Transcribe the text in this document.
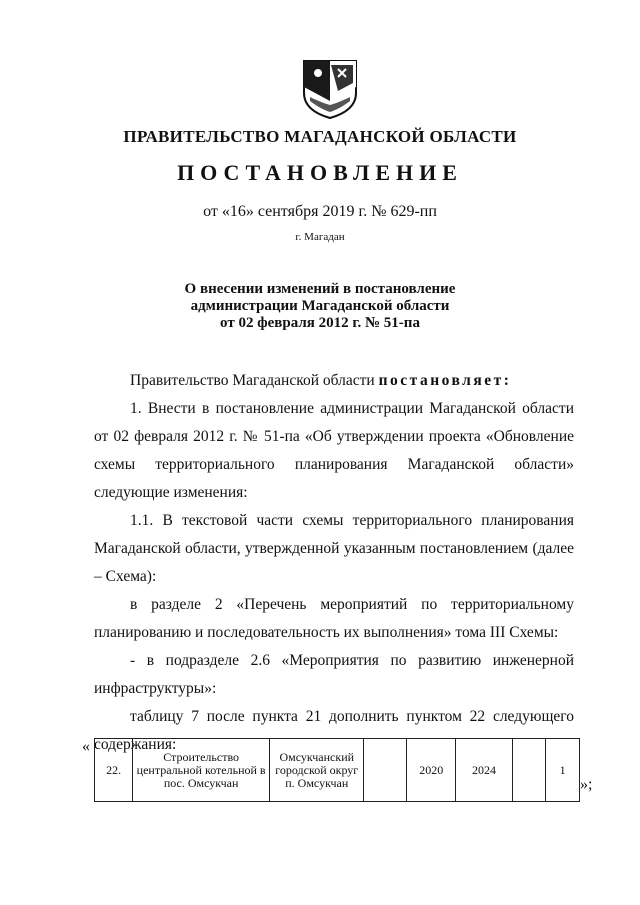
ПРАВИТЕЛЬСТВО МАГАДАНСКОЙ ОБЛАСТИ
ПОСТАНОВЛЕНИЕ
от «16» сентября 2019 г. № 629-пп
г. Магадан
О внесении изменений в постановление
администрации Магаданской области
от 02 февраля 2012 г. № 51-па

Правительство Магаданской области постановляет:

1. Внести в постановление администрации Магаданской области от 02 февраля 2012 г. № 51-па «Об утверждении проекта «Обновление схемы территориального планирования Магаданской области» следующие изменения:

1.1. В текстовой части схемы территориального планирования Магаданской области, утвержденной указанным постановлением (далее – Схема):

в разделе 2 «Перечень мероприятий по территориальному планированию и последовательность их выполнения» тома III Схемы:

- в подразделе 2.6 «Мероприятия по развитию инженерной инфраструктуры»:

таблицу 7 после пункта 21 дополнить пунктом 22 следующего содержания:

«
22.	Строительство центральной котельной в пос. Омсукчан	Омсукчанский городской округ п. Омсукчан		2020	2024		1
»;
